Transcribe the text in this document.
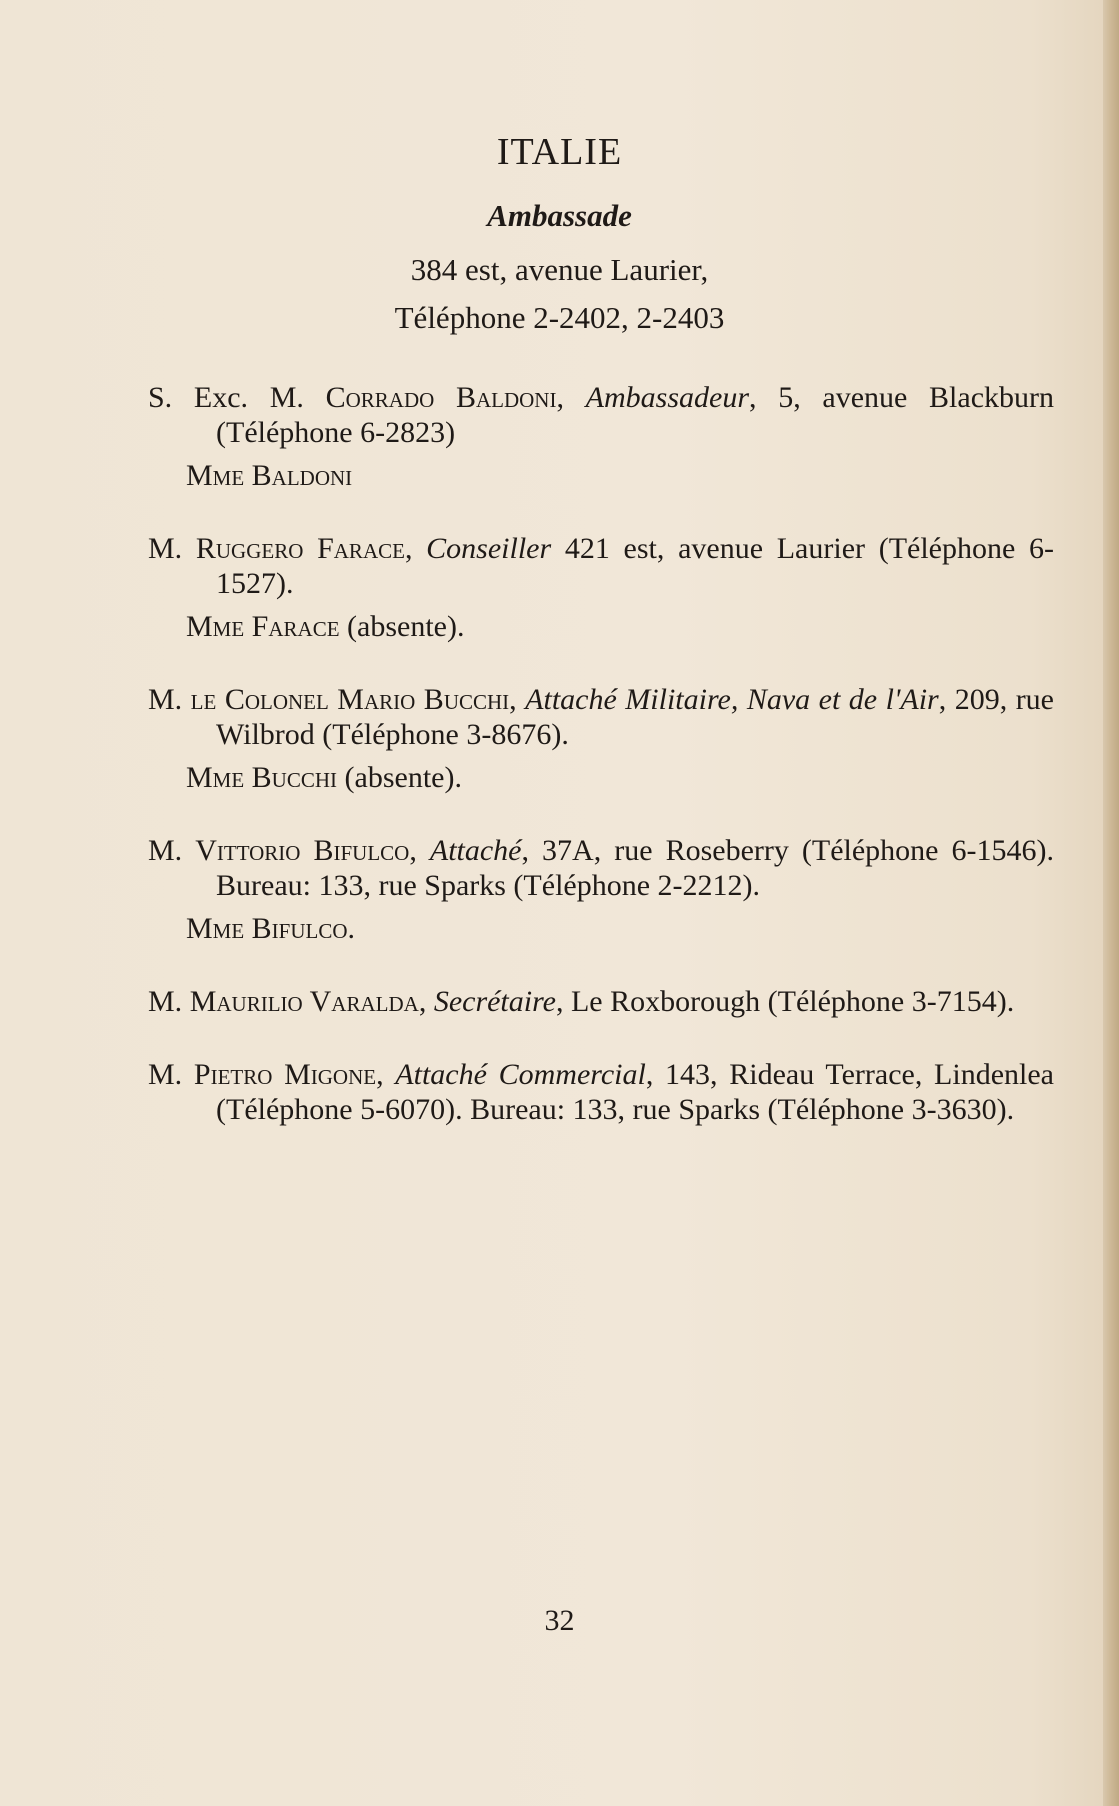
ITALIE
Ambassade
384 est, avenue Laurier,
Téléphone 2-2402, 2-2403

S. Exc. M. Corrado Baldoni, Ambassadeur, 5, avenue Blackburn (Téléphone 6-2823)

Mme Baldoni

M. Ruggero Farace, Conseiller 421 est, avenue Laurier (Téléphone 6-1527).

Mme Farace (absente).

M. le Colonel Mario Bucchi, Attaché Militaire, Nava et de l'Air, 209, rue Wilbrod (Téléphone 3-8676).

Mme Bucchi (absente).

M. Vittorio Bifulco, Attaché, 37A, rue Roseberry (Téléphone 6-1546). Bureau: 133, rue Sparks (Téléphone 2-2212).

Mme Bifulco.

M. Maurilio Varalda, Secrétaire, Le Roxborough (Téléphone 3-7154).

M. Pietro Migone, Attaché Commercial, 143, Rideau Terrace, Lindenlea (Téléphone 5-6070). Bureau: 133, rue Sparks (Téléphone 3-3630).

32
